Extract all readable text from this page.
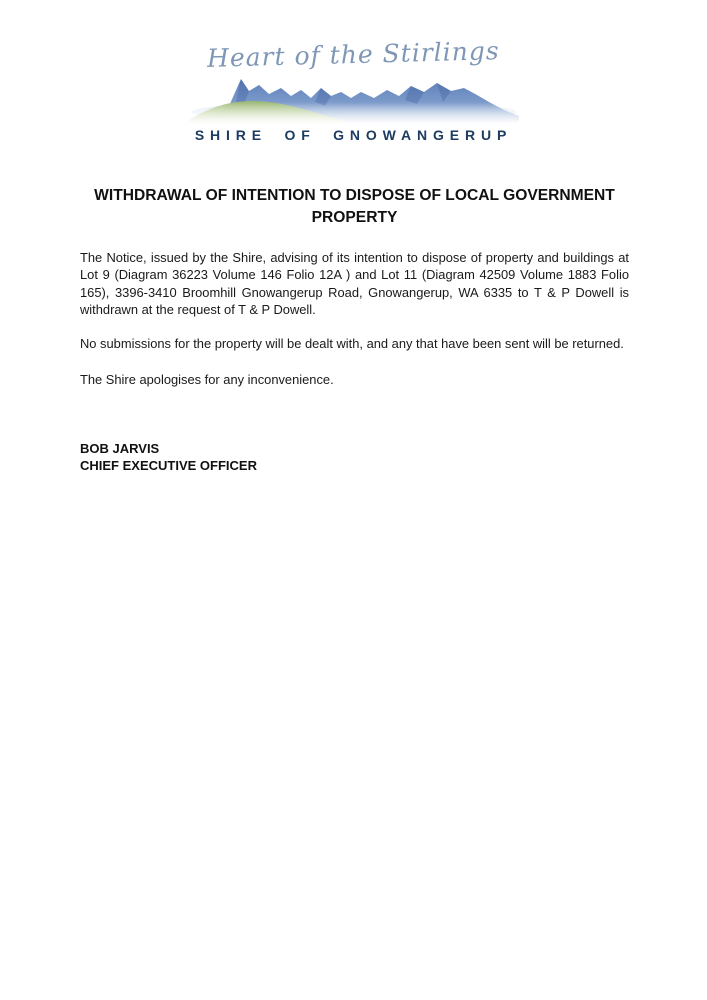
Heart of the Stirlings
SHIRE OF GNOWANGERUP
WITHDRAWAL OF INTENTION TO DISPOSE OF LOCAL GOVERNMENT PROPERTY
The Notice, issued by the Shire, advising of its intention to dispose of property and buildings at Lot 9 (Diagram 36223 Volume 146 Folio 12A ) and Lot 11 (Diagram 42509 Volume 1883 Folio 165), 3396-3410 Broomhill Gnowangerup Road, Gnowangerup, WA 6335 to T & P Dowell is withdrawn at the request of T & P Dowell.
No submissions for the property will be dealt with, and any that have been sent will be returned.
The Shire apologises for any inconvenience.
BOB JARVIS
CHIEF EXECUTIVE OFFICER
